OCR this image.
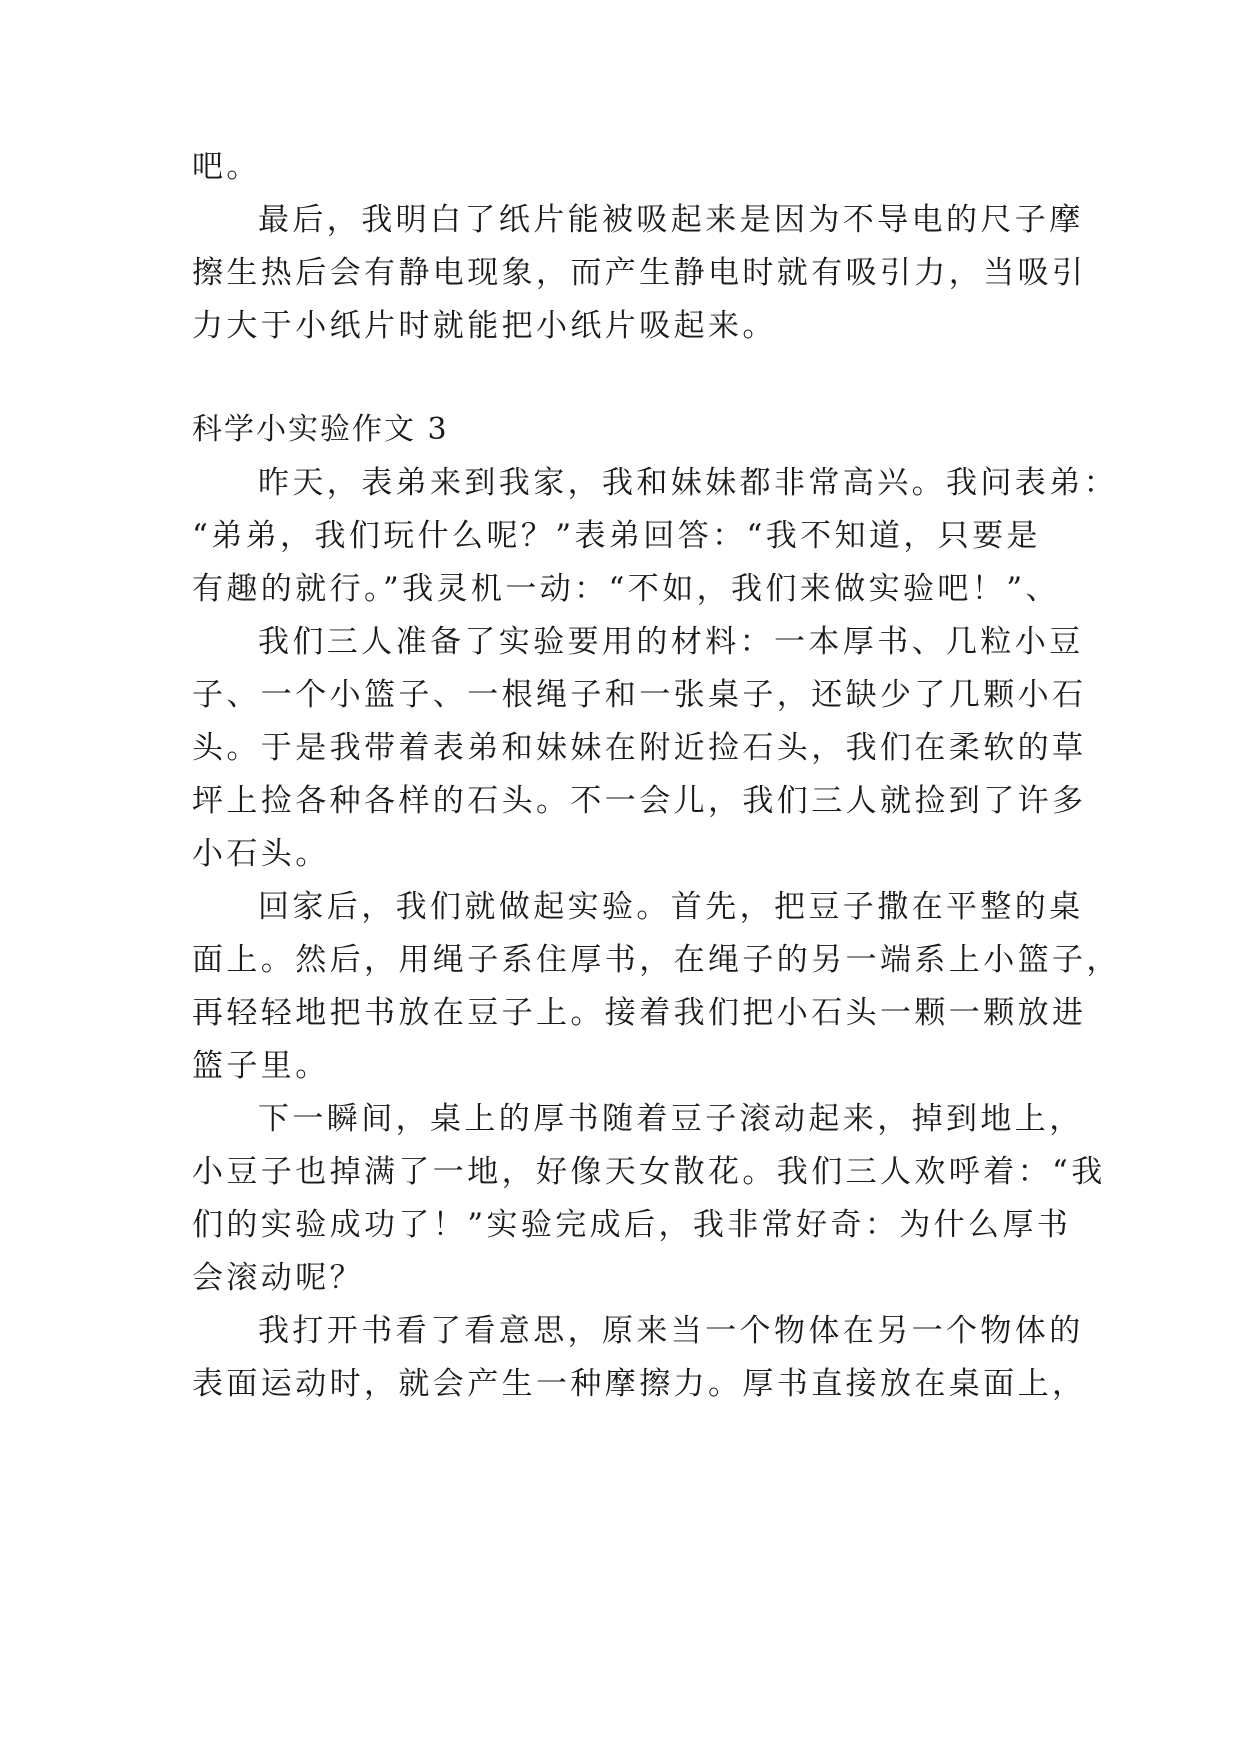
吧。
最后，我明白了纸片能被吸起来是因为不导电的尺子摩
擦生热后会有静电现象，而产生静电时就有吸引力，当吸引
力大于小纸片时就能把小纸片吸起来。
科学小实验作文 3
昨天，表弟来到我家，我和妹妹都非常高兴。我问表弟：
“弟弟，我们玩什么呢？”表弟回答：“我不知道，只要是
有趣的就行。”我灵机一动：“不如，我们来做实验吧！”、
我们三人准备了实验要用的材料：一本厚书、几粒小豆
子、一个小篮子、一根绳子和一张桌子，还缺少了几颗小石
头。于是我带着表弟和妹妹在附近捡石头，我们在柔软的草
坪上捡各种各样的石头。不一会儿，我们三人就捡到了许多
小石头。
回家后，我们就做起实验。首先，把豆子撒在平整的桌
面上。然后，用绳子系住厚书，在绳子的另一端系上小篮子，
再轻轻地把书放在豆子上。接着我们把小石头一颗一颗放进
篮子里。
下一瞬间，桌上的厚书随着豆子滚动起来，掉到地上，
小豆子也掉满了一地，好像天女散花。我们三人欢呼着：“我
们的实验成功了！”实验完成后，我非常好奇：为什么厚书
会滚动呢？
我打开书看了看意思，原来当一个物体在另一个物体的
表面运动时，就会产生一种摩擦力。厚书直接放在桌面上，
